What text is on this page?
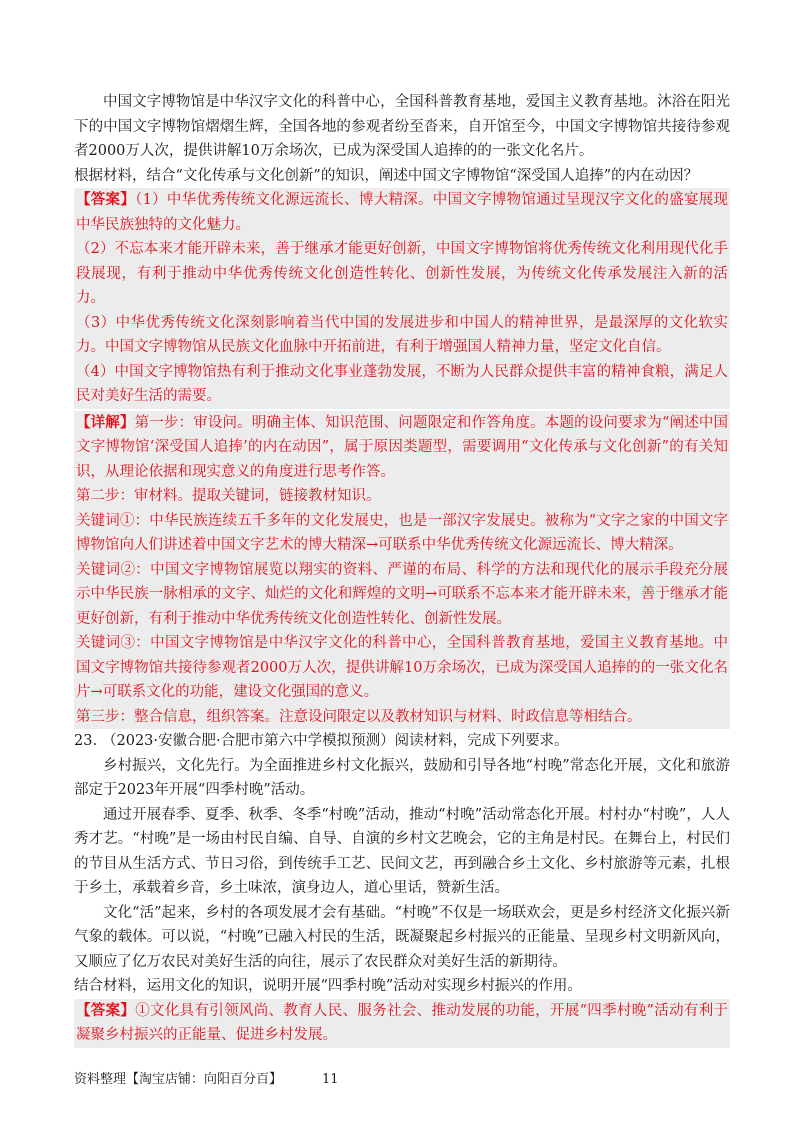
中国文字博物馆是中华汉字文化的科普中心，全国科普教育基地，爱国主义教育基地。沐浴在阳光下的中国文字博物馆熠熠生辉，全国各地的参观者纷至沓来，自开馆至今，中国文字博物馆共接待参观者2000万人次，提供讲解10万余场次，已成为深受国人追捧的的一张文化名片。

根据材料，结合“文化传承与文化创新”的知识，阐述中国文字博物馆“深受国人追捧”的内在动因？

【答案】（1）中华优秀传统文化源远流长、博大精深。中国文字博物馆通过呈现汉字文化的盛宴展现中华民族独特的文化魅力。

（2）不忘本来才能开辟未来，善于继承才能更好创新，中国文字博物馆将优秀传统文化利用现代化手段展现，有利于推动中华优秀传统文化创造性转化、创新性发展，为传统文化传承发展注入新的活力。

（3）中华优秀传统文化深刻影响着当代中国的发展进步和中国人的精神世界，是最深厚的文化软实力。中国文字博物馆从民族文化血脉中开拓前进，有利于增强国人精神力量，坚定文化自信。

（4）中国文字博物馆热有利于推动文化事业蓬勃发展，不断为人民群众提供丰富的精神食粮，满足人民对美好生活的需要。

【详解】第一步：审设问。明确主体、知识范围、问题限定和作答角度。本题的设问要求为“阐述中国文字博物馆‘深受国人追捧’的内在动因”，属于原因类题型，需要调用“文化传承与文化创新”的有关知识，从理论依据和现实意义的角度进行思考作答。

第二步：审材料。提取关键词，链接教材知识。

关键词①：中华民族连续五千多年的文化发展史，也是一部汉字发展史。被称为“文字之家的中国文字博物馆向人们讲述着中国文字艺术的博大精深→可联系中华优秀传统文化源远流长、博大精深。

关键词②：中国文字博物馆展览以翔实的资料、严谨的布局、科学的方法和现代化的展示手段充分展示中华民族一脉相承的文字、灿烂的文化和辉煌的文明→可联系不忘本来才能开辟未来，善于继承才能更好创新，有利于推动中华优秀传统文化创造性转化、创新性发展。

关键词③：中国文字博物馆是中华汉字文化的科普中心，全国科普教育基地，爱国主义教育基地。中国文字博物馆共接待参观者2000万人次，提供讲解10万余场次，已成为深受国人追捧的的一张文化名片→可联系文化的功能，建设文化强国的意义。

第三步：整合信息，组织答案。注意设问限定以及教材知识与材料、时政信息等相结合。

23. （2023·安徽合肥·合肥市第六中学模拟预测）阅读材料，完成下列要求。

乡村振兴，文化先行。为全面推进乡村文化振兴，鼓励和引导各地“村晚”常态化开展，文化和旅游部定于2023年开展“四季村晚”活动。

通过开展春季、夏季、秋季、冬季“村晚”活动，推动“村晚”活动常态化开展。村村办“村晚”，人人秀才艺。“村晚”是一场由村民自编、自导、自演的乡村文艺晚会，它的主角是村民。在舞台上，村民们的节目从生活方式、节日习俗，到传统手工艺、民间文艺，再到融合乡土文化、乡村旅游等元素，扎根于乡土，承载着乡音，乡土味浓，演身边人，道心里话，赞新生活。

文化“活”起来，乡村的各项发展才会有基础。“村晚”不仅是一场联欢会，更是乡村经济文化振兴新气象的载体。可以说，“村晚”已融入村民的生活，既凝聚起乡村振兴的正能量、呈现乡村文明新风向，又顺应了亿万农民对美好生活的向往，展示了农民群众对美好生活的新期待。

结合材料，运用文化的知识，说明开展“四季村晚”活动对实现乡村振兴的作用。

【答案】①文化具有引领风尚、教育人民、服务社会、推动发展的功能，开展“四季村晚”活动有利于凝聚乡村振兴的正能量、促进乡村发展。

资料整理【淘宝店铺：向阳百分百】	11
